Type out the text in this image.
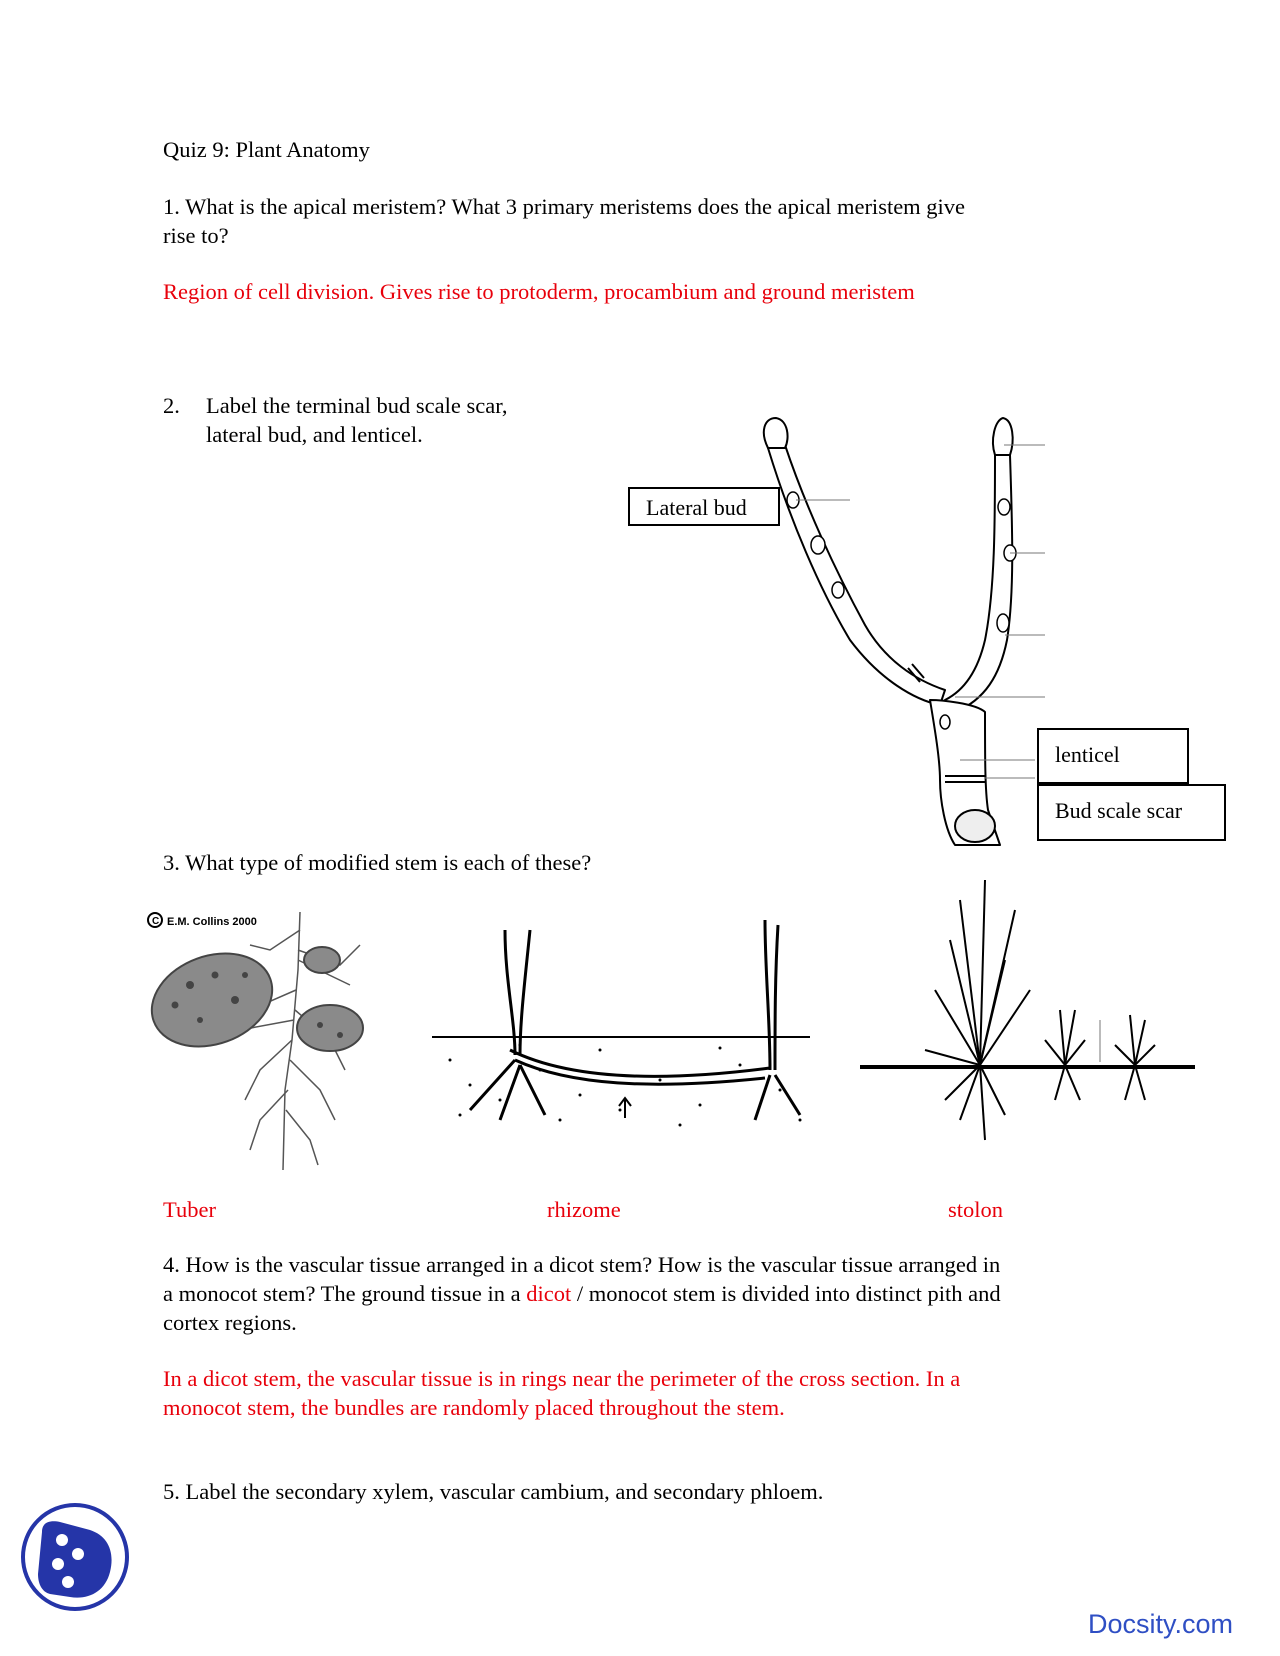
Quiz 9: Plant Anatomy
1. What is the apical meristem? What 3 primary meristems does the apical meristem give
rise to?
Region of cell division. Gives rise to protoderm, procambium and ground meristem
2. Label the terminal bud scale scar,
lateral bud, and lenticel.
Lateral bud
lenticel
Bud scale scar
3. What type of modified stem is each of these?
C E.M. Collins 2000
Tuber	rhizome	stolon
4. How is the vascular tissue arranged in a dicot stem? How is the vascular tissue arranged in
a monocot stem? The ground tissue in a dicot / monocot stem is divided into distinct pith and
cortex regions.
In a dicot stem, the vascular tissue is in rings near the perimeter of the cross section. In a
monocot stem, the bundles are randomly placed throughout the stem.
5. Label the secondary xylem, vascular cambium, and secondary phloem.
Docsity.com
